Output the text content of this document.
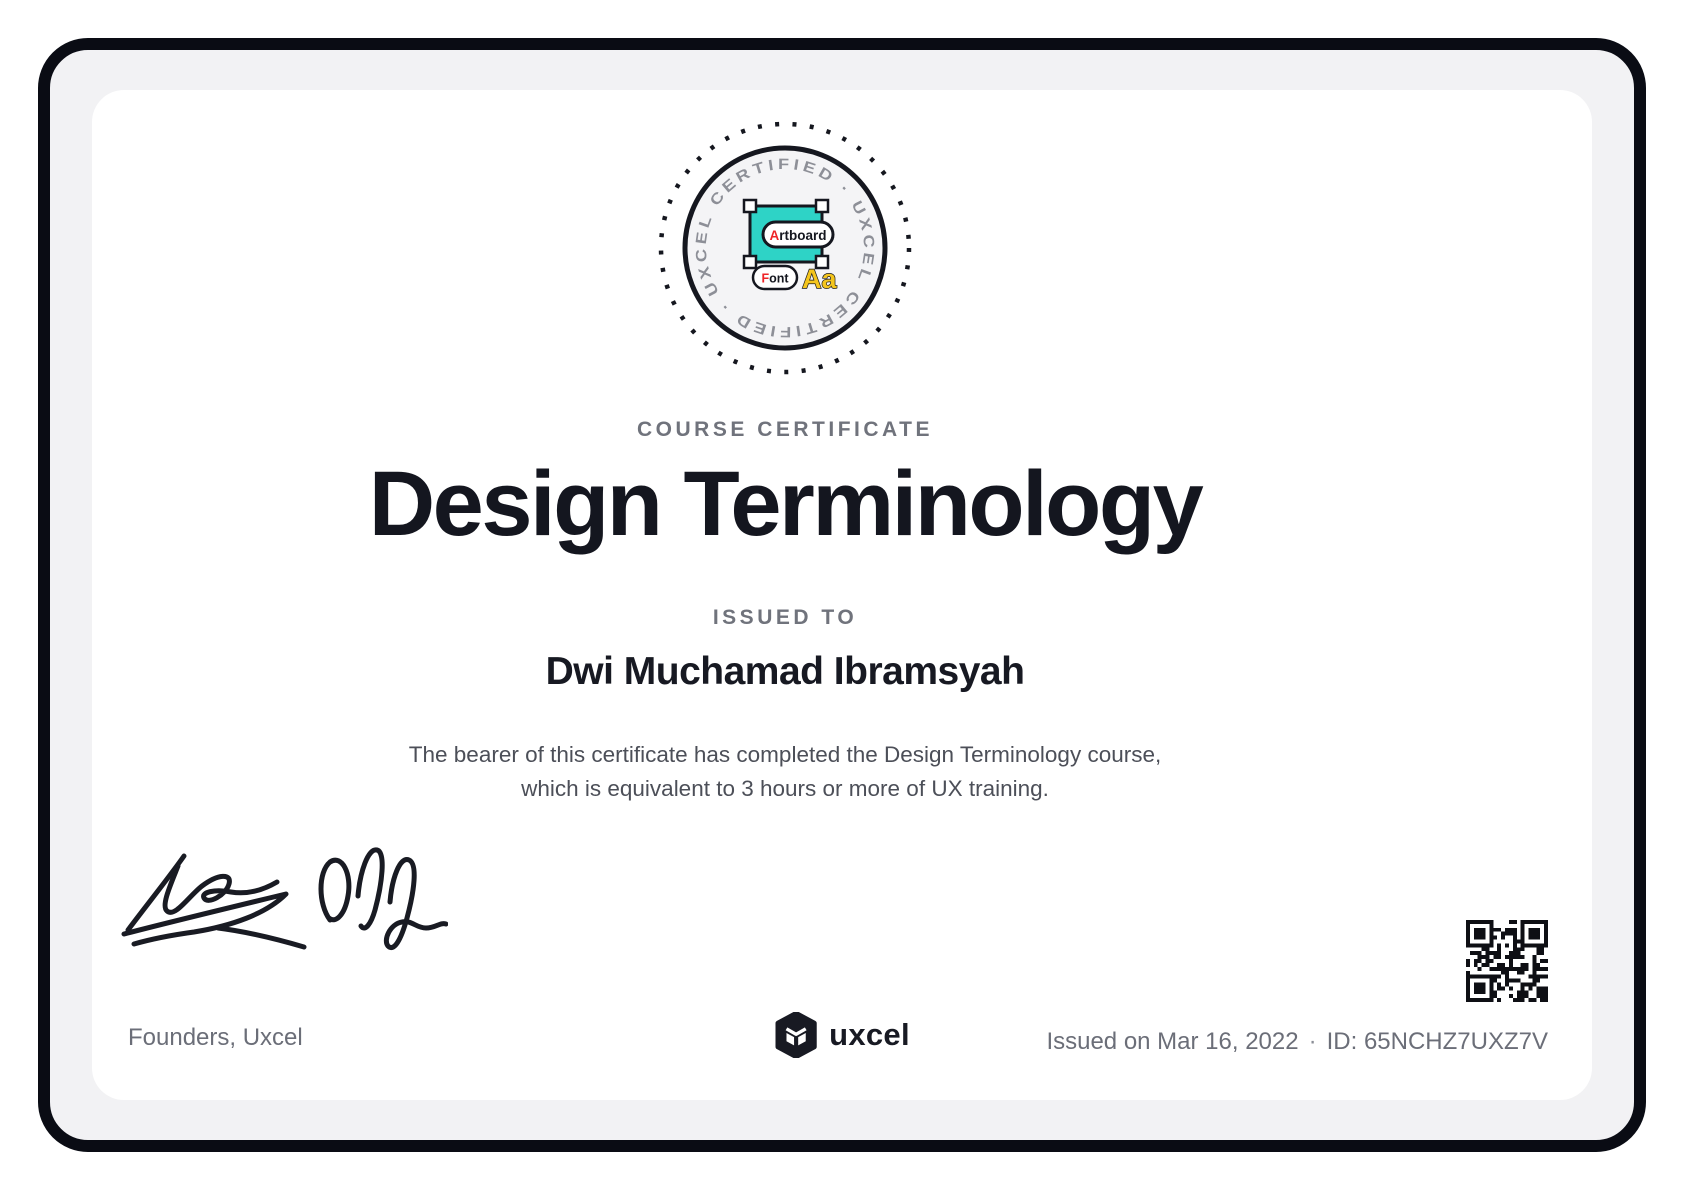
UXCEL CERTIFIED · UXCEL CERTIFIED ·
Artboard
Font Aa
COURSE CERTIFICATE
Design Terminology
ISSUED TO
Dwi Muchamad Ibramsyah
The bearer of this certificate has completed the Design Terminology course,
which is equivalent to 3 hours or more of UX training.
Founders, Uxcel	uxcel	Issued on Mar 16, 2022 · ID: 65NCHZ7UXZ7V
